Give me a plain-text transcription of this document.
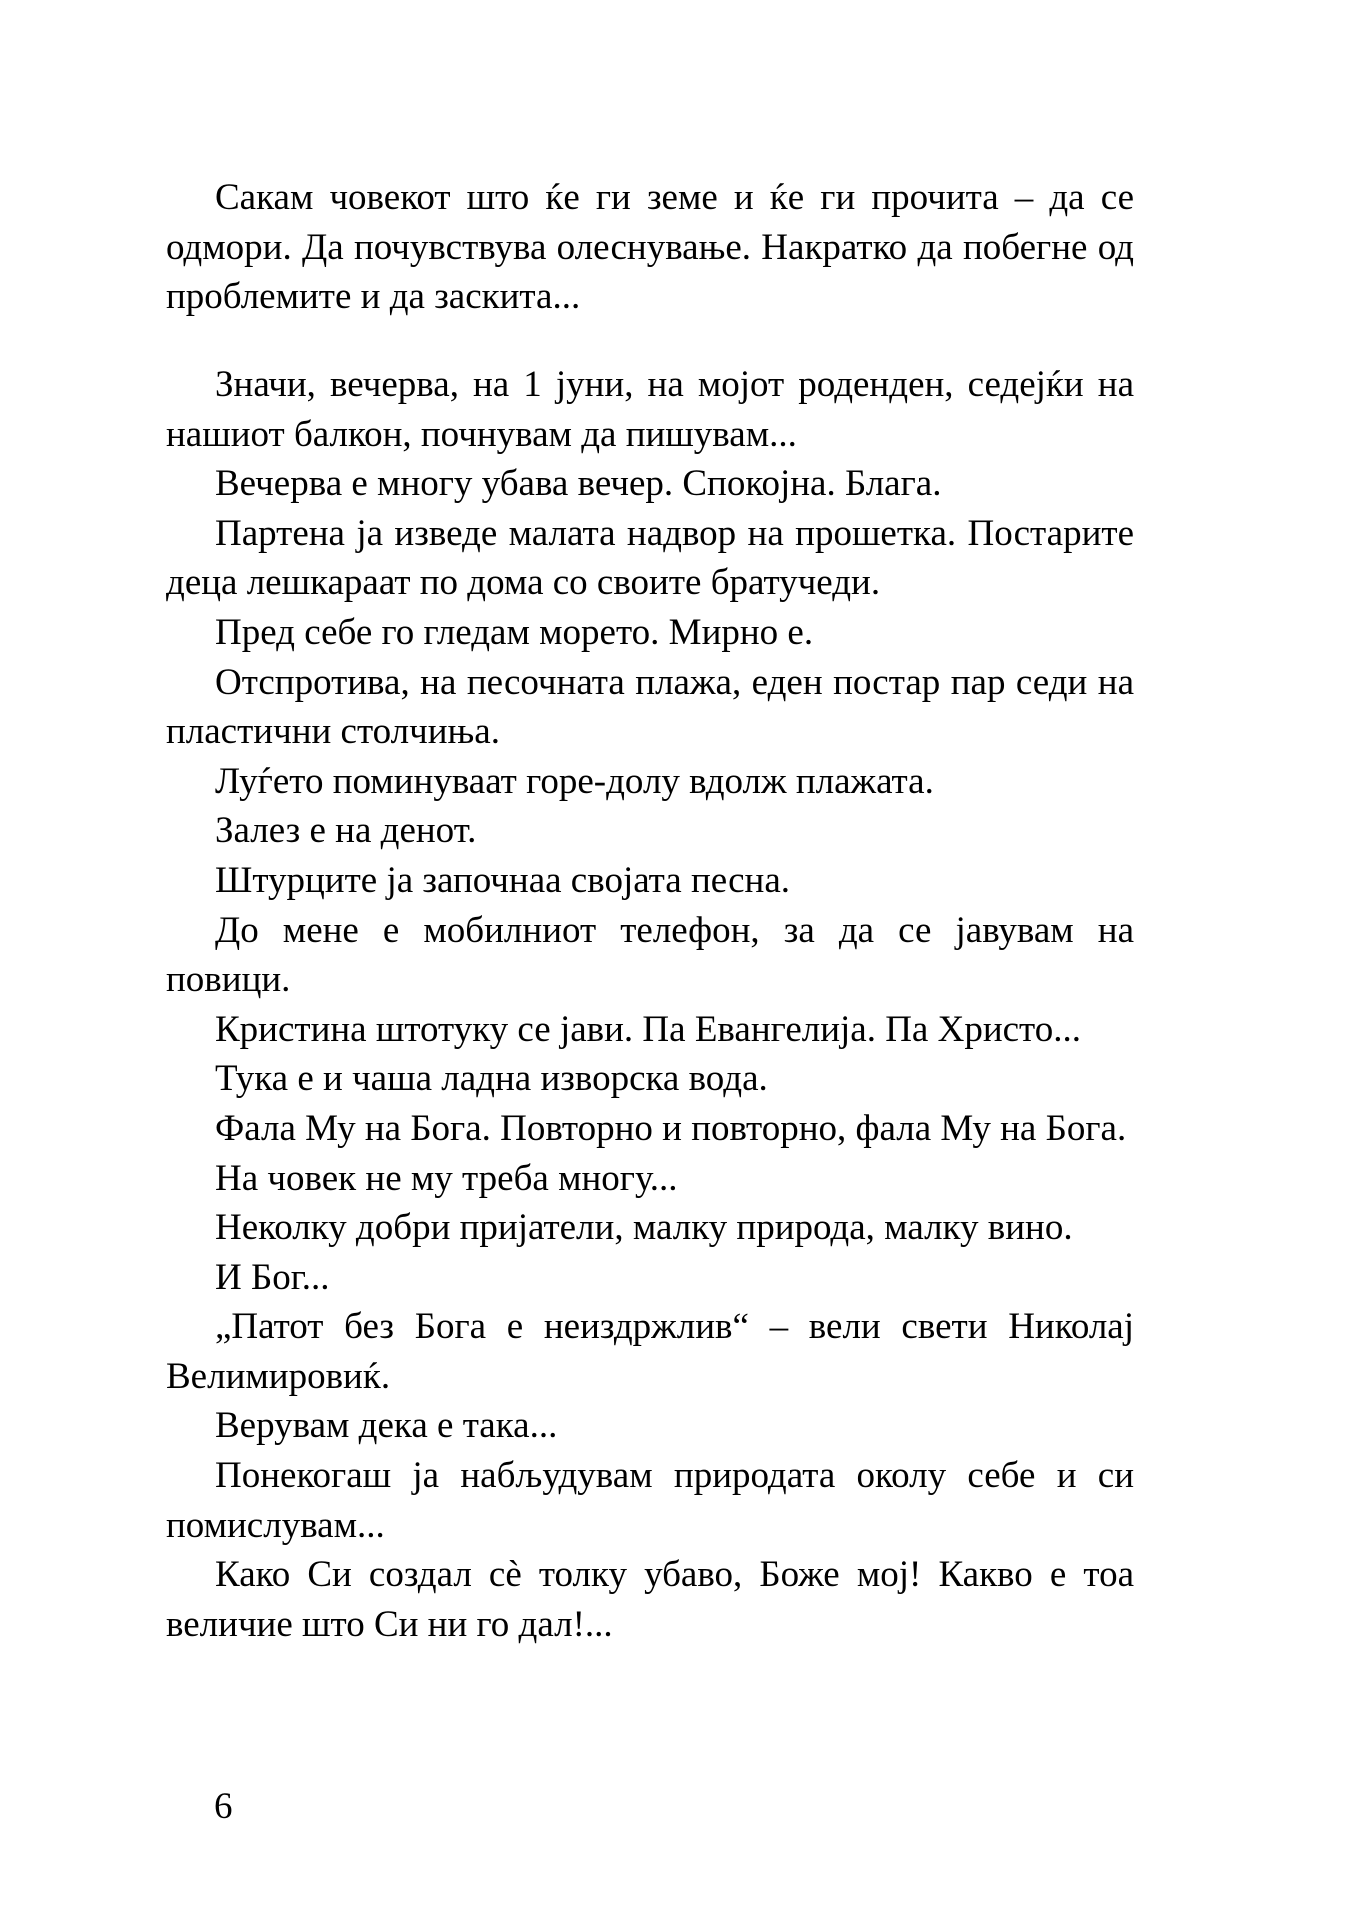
Сакам човекот што ќе ги земе и ќе ги прочита – да се одмори. Да почувствува олеснување. Накратко да побегне од проблемите и да заскита...

Значи, вечерва, на 1 јуни, на мојот роденден, седејќи на нашиот балкон, почнувам да пишувам...

Вечерва е многу убава вечер. Спокојна. Блага.

Партена ја изведе малата надвор на прошетка. Постарите деца лешкараат по дома со своите братучеди.

Пред себе го гледам морето. Мирно е.

Отспротива, на песочната плажа, еден постар пар седи на пластични столчиња.

Луѓето поминуваат горе-долу вдолж плажата.

Залез е на денот.

Штурците ја започнаа својата песна.

До мене е мобилниот телефон, за да се јавувам на повици.

Кристина штотуку се јави. Па Евангелија. Па Христо...

Тука е и чаша ладна изворска вода.

Фала Му на Бога. Повторно и повторно, фала Му на Бога.

На човек не му треба многу...

Неколку добри пријатели, малку природа, малку вино.

И Бог...

„Патот без Бога е неиздржлив“ – вели свети Николај Велимировиќ.

Верувам дека е така...

Понекогаш ја набљудувам природата околу себе и си помислувам...

Како Си создал сè толку убаво, Боже мој! Какво е тоа величие што Си ни го дал!...

6
